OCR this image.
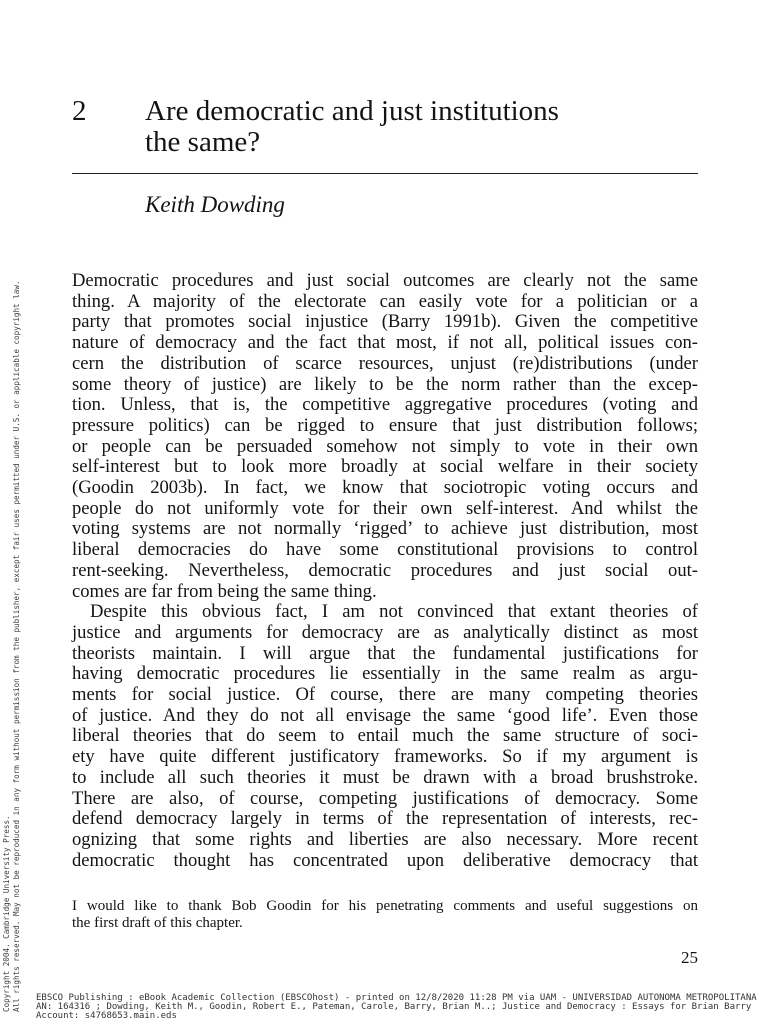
Copyright 2004. Cambridge University Press. All rights reserved. May not be reproduced in any form without permission from the publisher, except fair uses permitted under U.S. or applicable copyright law.
2 Are democratic and just institutions
the same?
Keith Dowding
Democratic procedures and just social outcomes are clearly not the same
thing. A majority of the electorate can easily vote for a politician or a
party that promotes social injustice (Barry 1991b). Given the competitive
nature of democracy and the fact that most, if not all, political issues con-
cern the distribution of scarce resources, unjust (re)distributions (under
some theory of justice) are likely to be the norm rather than the excep-
tion. Unless, that is, the competitive aggregative procedures (voting and
pressure politics) can be rigged to ensure that just distribution follows;
or people can be persuaded somehow not simply to vote in their own
self-interest but to look more broadly at social welfare in their society
(Goodin 2003b). In fact, we know that sociotropic voting occurs and
people do not uniformly vote for their own self-interest. And whilst the
voting systems are not normally ‘rigged’ to achieve just distribution, most
liberal democracies do have some constitutional provisions to control
rent-seeking. Nevertheless, democratic procedures and just social out-
comes are far from being the same thing.
Despite this obvious fact, I am not convinced that extant theories of
justice and arguments for democracy are as analytically distinct as most
theorists maintain. I will argue that the fundamental justifications for
having democratic procedures lie essentially in the same realm as argu-
ments for social justice. Of course, there are many competing theories
of justice. And they do not all envisage the same ‘good life’. Even those
liberal theories that do seem to entail much the same structure of soci-
ety have quite different justificatory frameworks. So if my argument is
to include all such theories it must be drawn with a broad brushstroke.
There are also, of course, competing justifications of democracy. Some
defend democracy largely in terms of the representation of interests, rec-
ognizing that some rights and liberties are also necessary. More recent
democratic thought has concentrated upon deliberative democracy that
I would like to thank Bob Goodin for his penetrating comments and useful suggestions on
the first draft of this chapter.
25
EBSCO Publishing : eBook Academic Collection (EBSCOhost) - printed on 12/8/2020 11:28 PM via UAM - UNIVERSIDAD AUTONOMA METROPOLITANA
AN: 164316 ; Dowding, Keith M., Goodin, Robert E., Pateman, Carole, Barry, Brian M..; Justice and Democracy : Essays for Brian Barry
Account: s4768653.main.eds
